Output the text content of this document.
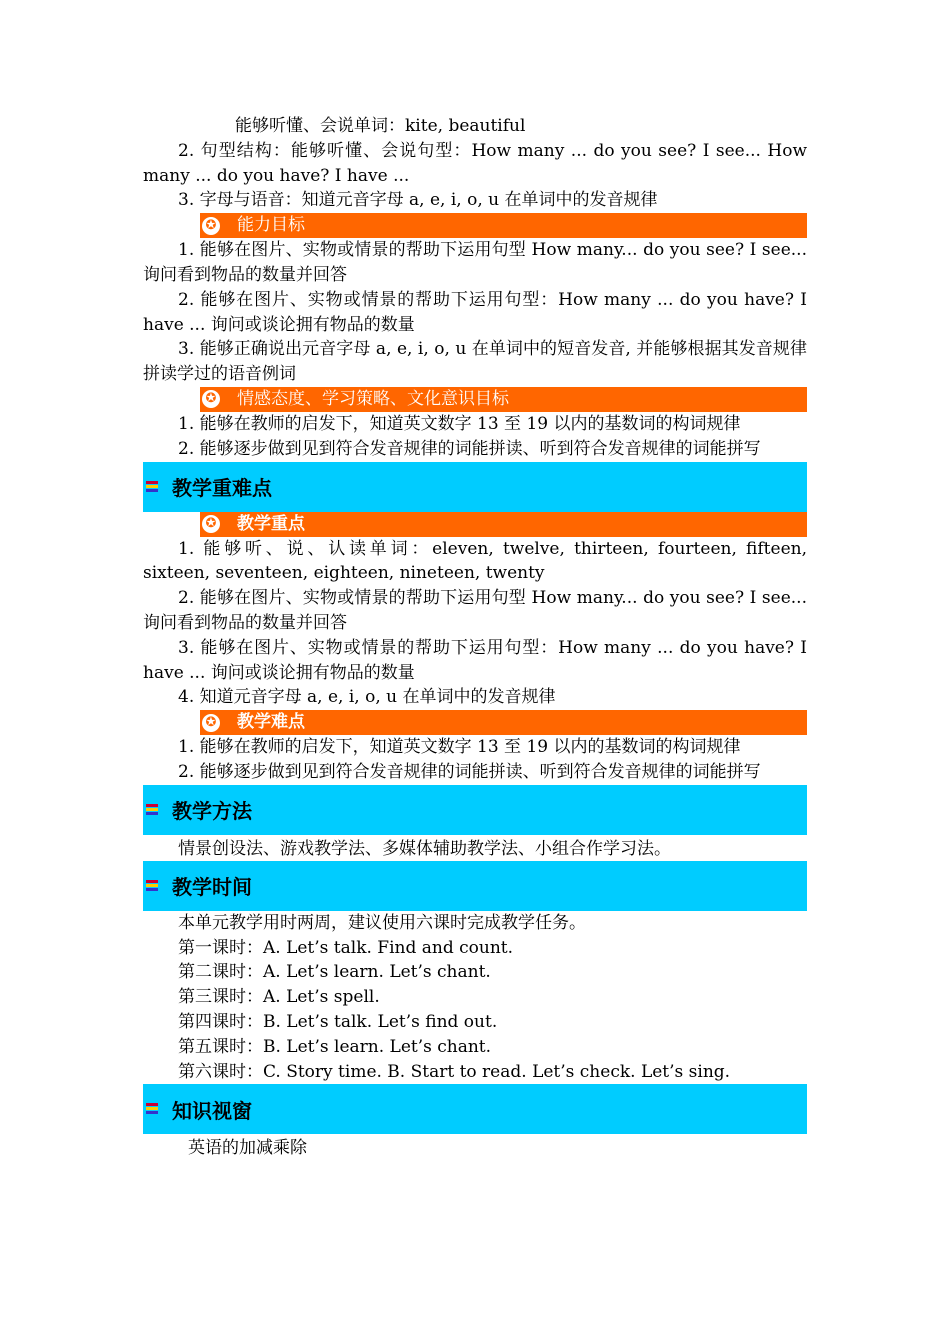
能够听懂、会说单词：kite, beautiful
2. 句型结构：能够听懂、会说句型：How many ... do you see? I see... How many ... do you have? I have ...
3. 字母与语音：知道元音字母 a, e, i, o, u 在单词中的发音规律
✪ 能力目标
1. 能够在图片、实物或情景的帮助下运用句型 How many... do you see? I see... 询问看到物品的数量并回答
2. 能够在图片、实物或情景的帮助下运用句型：How many ... do you have? I have ... 询问或谈论拥有物品的数量
3. 能够正确说出元音字母 a, e, i, o, u 在单词中的短音发音, 并能够根据其发音规律拼读学过的语音例词
✪ 情感态度、学习策略、文化意识目标
1. 能够在教师的启发下，知道英文数字 13 至 19 以内的基数词的构词规律
2. 能够逐步做到见到符合发音规律的词能拼读、听到符合发音规律的词能拼写
教学重难点
✪ 教学重点
1. 能够听、说、认读单词：eleven, twelve, thirteen, fourteen, fifteen, sixteen, seventeen, eighteen, nineteen, twenty
2. 能够在图片、实物或情景的帮助下运用句型 How many... do you see? I see... 询问看到物品的数量并回答
3. 能够在图片、实物或情景的帮助下运用句型：How many ... do you have? I have ... 询问或谈论拥有物品的数量
4. 知道元音字母 a, e, i, o, u 在单词中的发音规律
✪ 教学难点
1. 能够在教师的启发下，知道英文数字 13 至 19 以内的基数词的构词规律
2. 能够逐步做到见到符合发音规律的词能拼读、听到符合发音规律的词能拼写
教学方法
情景创设法、游戏教学法、多媒体辅助教学法、小组合作学习法。
教学时间
本单元教学用时两周，建议使用六课时完成教学任务。
第一课时：A. Let’s talk. Find and count.
第二课时：A. Let’s learn. Let’s chant.
第三课时：A. Let’s spell.
第四课时：B. Let’s talk. Let’s find out.
第五课时：B. Let’s learn. Let’s chant.
第六课时：C. Story time. B. Start to read. Let’s check. Let’s sing.
知识视窗
英语的加减乘除
